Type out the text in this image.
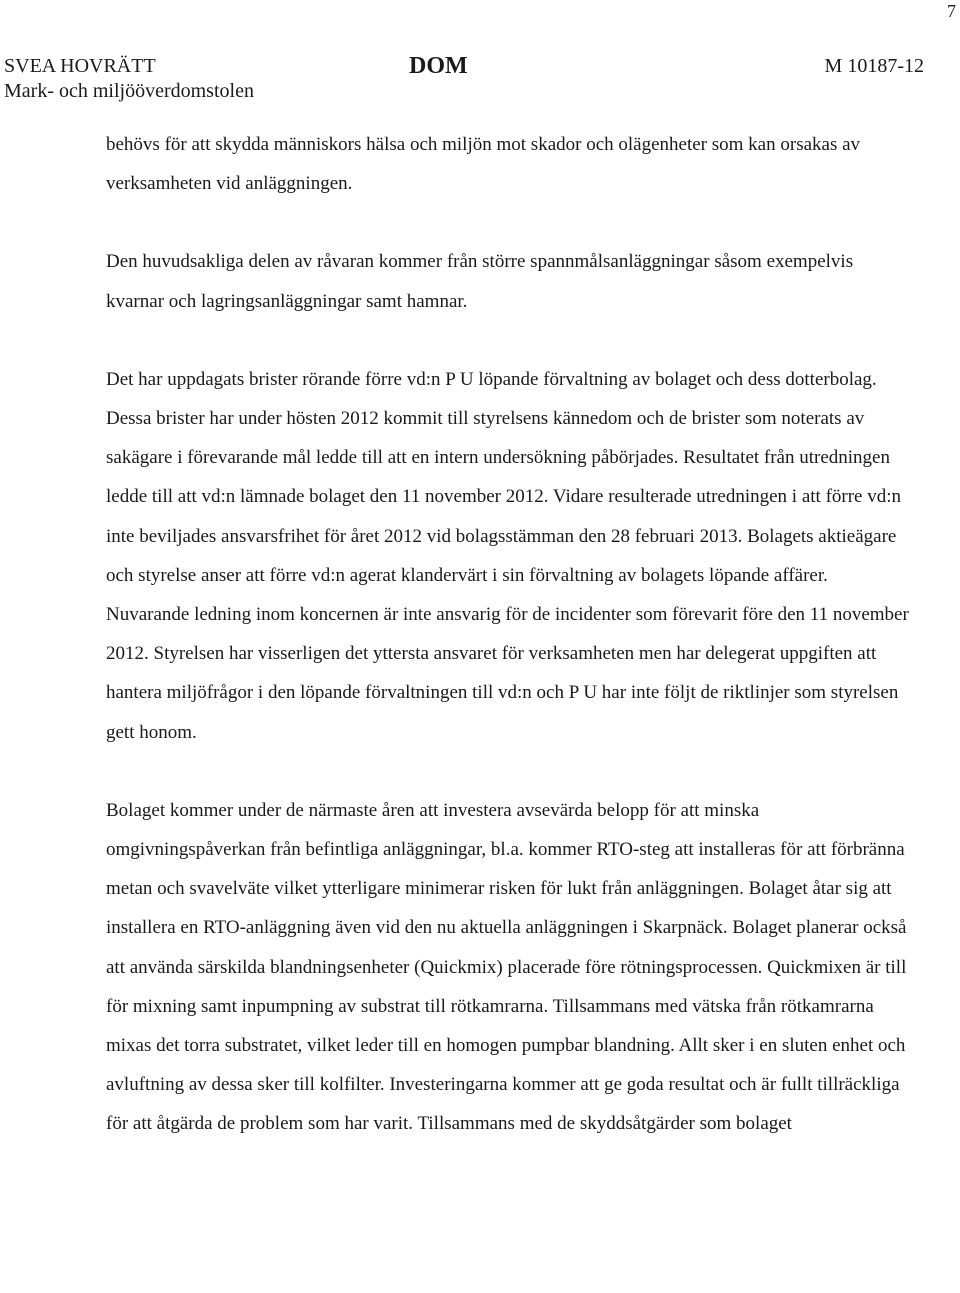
7
SVEA HOVRÄTT
Mark- och miljööverdomstolen
DOM	M 10187-12

behövs för att skydda människors hälsa och miljön mot skador och olägenheter som kan orsakas av verksamheten vid anläggningen.

Den huvudsakliga delen av råvaran kommer från större spannmålsanläggningar såsom exempelvis kvarnar och lagringsanläggningar samt hamnar.

Det har uppdagats brister rörande förre vd:n P U löpande förvaltning av bolaget och dess dotterbolag. Dessa brister har under hösten 2012 kommit till styrelsens kännedom och de brister som noterats av sakägare i förevarande mål ledde till att en intern undersökning påbörjades. Resultatet från utredningen ledde till att vd:n lämnade bolaget den 11 november 2012. Vidare resulterade utredningen i att förre vd:n inte beviljades ansvarsfrihet för året 2012 vid bolagsstämman den 28 februari 2013. Bolagets aktieägare och styrelse anser att förre vd:n agerat klandervärt i sin förvaltning av bolagets löpande affärer. Nuvarande ledning inom koncernen är inte ansvarig för de incidenter som förevarit före den 11 november 2012. Styrelsen har visserligen det yttersta ansvaret för verksamheten men har delegerat uppgiften att hantera miljöfrågor i den löpande förvaltningen till vd:n och P U har inte följt de riktlinjer som styrelsen gett honom.

Bolaget kommer under de närmaste åren att investera avsevärda belopp för att minska omgivningspåverkan från befintliga anläggningar, bl.a. kommer RTO-steg att installeras för att förbränna metan och svavelväte vilket ytterligare minimerar risken för lukt från anläggningen. Bolaget åtar sig att installera en RTO-anläggning även vid den nu aktuella anläggningen i Skarpnäck. Bolaget planerar också att använda särskilda blandningsenheter (Quickmix) placerade före rötningsprocessen. Quickmixen är till för mixning samt inpumpning av substrat till rötkamrarna. Tillsammans med vätska från rötkamrarna mixas det torra substratet, vilket leder till en homogen pumpbar blandning. Allt sker i en sluten enhet och avluftning av dessa sker till kolfilter. Investeringarna kommer att ge goda resultat och är fullt tillräckliga för att åtgärda de problem som har varit. Tillsammans med de skyddsåtgärder som bolaget
